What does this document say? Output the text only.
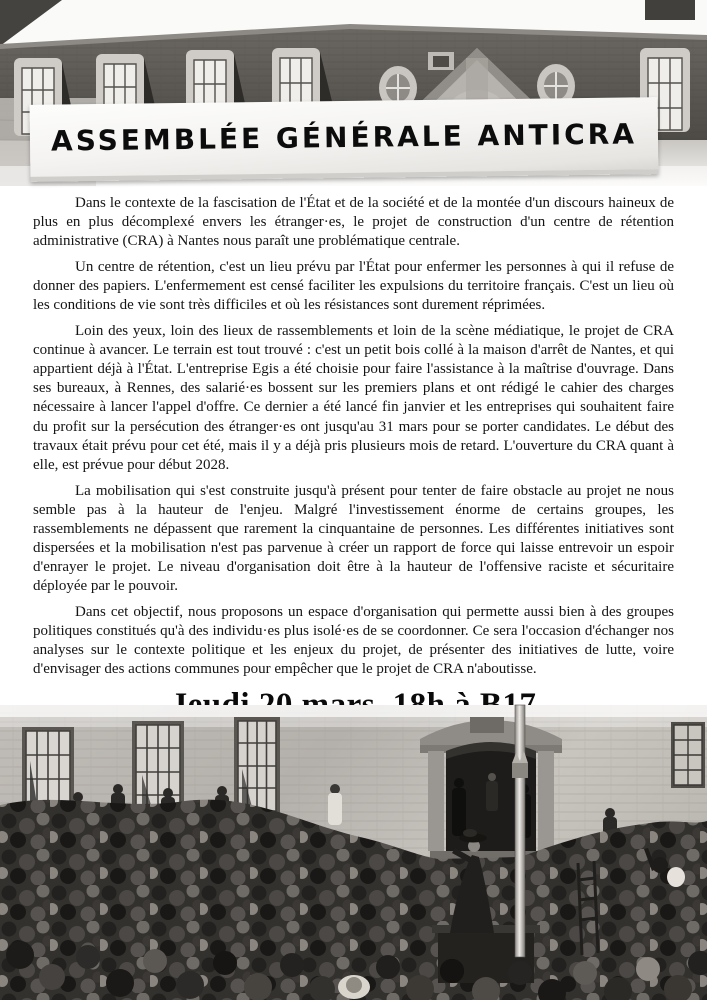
ASSEMBLÉE GÉNÉRALE ANTICRA

Dans le contexte de la fascisation de l'État et de la société et de la montée d'un discours haineux de plus en plus décomplexé envers les étranger·es, le projet de construction d'un centre de rétention administrative (CRA) à Nantes nous paraît une problématique centrale.

Un centre de rétention, c'est un lieu prévu par l'État pour enfermer les personnes à qui il refuse de donner des papiers. L'enfermement est censé faciliter les expulsions du territoire français. C'est un lieu où les conditions de vie sont très difficiles et où les résistances sont durement réprimées.

Loin des yeux, loin des lieux de rassemblements et loin de la scène médiatique, le projet de CRA continue à avancer. Le terrain est tout trouvé : c'est un petit bois collé à la maison d'arrêt de Nantes, et qui appartient déjà à l'État. L'entreprise Egis a été choisie pour faire l'assistance à la maîtrise d'ouvrage. Dans ses bureaux, à Rennes, des salarié·es bossent sur les premiers plans et ont rédigé le cahier des charges nécessaire à lancer l'appel d'offre. Ce dernier a été lancé fin janvier et les entreprises qui souhaitent faire du profit sur la persécution des étranger·es ont jusqu'au 31 mars pour se porter candidates. Le début des travaux était prévu pour cet été, mais il y a déjà pris plusieurs mois de retard. L'ouverture du CRA quant à elle, est prévue pour début 2028.

La mobilisation qui s'est construite jusqu'à présent pour tenter de faire obstacle au projet ne nous semble pas à la hauteur de l'enjeu. Malgré l'investissement énorme de certains groupes, les rassemblements ne dépassent que rarement la cinquantaine de personnes. Les différentes initiatives sont dispersées et la mobilisation n'est pas parvenue à créer un rapport de force qui laisse entrevoir un espoir d'enrayer le projet. Le niveau d'organisation doit être à la hauteur de l'offensive raciste et sécuritaire déployée par le pouvoir.

Dans cet objectif, nous proposons un espace d'organisation qui permette aussi bien à des groupes politiques constitués qu'à des individu·es plus isolé·es de se coordonner. Ce sera l'occasion d'échanger nos analyses sur le contexte politique et les enjeux du projet, de présenter des initiatives de lutte, voire d'envisager des actions communes pour empêcher que le projet de CRA n'aboutisse.
